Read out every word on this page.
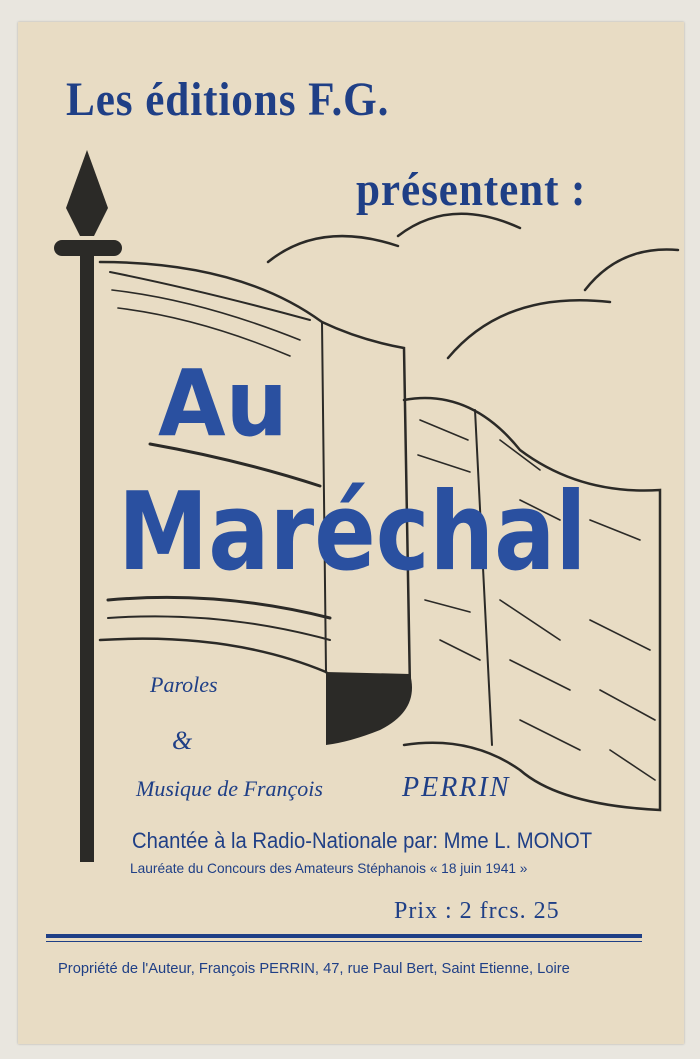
Les éditions F.G.
présentent :
Au
Maréchal
Paroles
&
Musique de François	PERRIN
Chantée à la Radio-Nationale par: Mme L. MONOT
Lauréate du Concours des Amateurs Stéphanois « 18 juin 1941 »
Prix : 2 frcs. 25
Propriété de l'Auteur, François PERRIN, 47, rue Paul Bert, Saint Etienne, Loire
